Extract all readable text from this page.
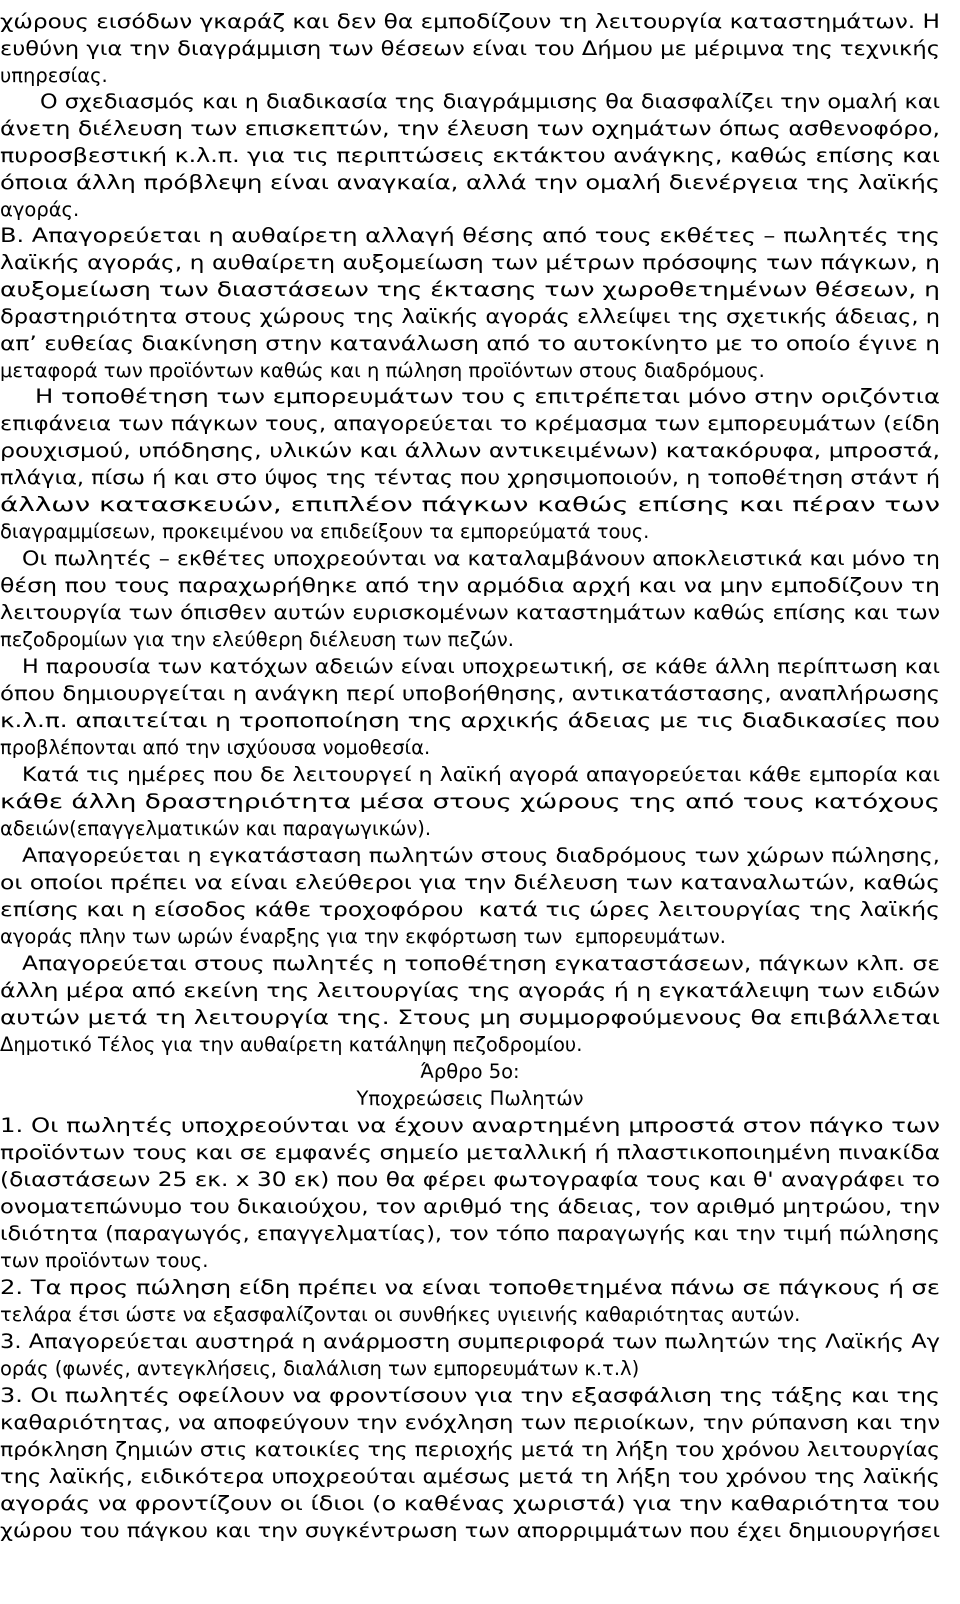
χώρους εισόδων γκαράζ και δεν θα εμποδίζουν τη λειτουργία καταστημάτων. Η
ευθύνη για την διαγράμμιση των θέσεων είναι του Δήμου με μέριμνα της τεχνικής
υπηρεσίας.
Ο σχεδιασμός και η διαδικασία της διαγράμμισης θα διασφαλίζει την ομαλή και
άνετη διέλευση των επισκεπτών, την έλευση των οχημάτων όπως ασθενοφόρο,
πυροσβεστική κ.λ.π. για τις περιπτώσεις εκτάκτου ανάγκης, καθώς επίσης και
όποια άλλη πρόβλεψη είναι αναγκαία, αλλά την ομαλή διενέργεια της λαϊκής
αγοράς.
Β. Απαγορεύεται η αυθαίρετη αλλαγή θέσης από τους εκθέτες – πωλητές της
λαϊκής αγοράς, η αυθαίρετη αυξομείωση των μέτρων πρόσοψης των πάγκων, η
αυξομείωση των διαστάσεων της έκτασης των χωροθετημένων θέσεων, η
δραστηριότητα στους χώρους της λαϊκής αγοράς ελλείψει της σχετικής άδειας, η
απ’ ευθείας διακίνηση στην κατανάλωση από το αυτοκίνητο με το οποίο έγινε η
μεταφορά των προϊόντων καθώς και η πώληση προϊόντων στους διαδρόμους.
Η τοποθέτηση των εμπορευμάτων του ς επιτρέπεται μόνο στην οριζόντια
επιφάνεια των πάγκων τους, απαγορεύεται το κρέμασμα των εμπορευμάτων (είδη
ρουχισμού, υπόδησης, υλικών και άλλων αντικειμένων) κατακόρυφα, μπροστά,
πλάγια, πίσω ή και στο ύψος της τέντας που χρησιμοποιούν, η τοποθέτηση στάντ ή
άλλων κατασκευών, επιπλέον πάγκων καθώς επίσης και πέραν των
διαγραμμίσεων, προκειμένου να επιδείξουν τα εμπορεύματά τους.
Οι πωλητές – εκθέτες υποχρεούνται να καταλαμβάνουν αποκλειστικά και μόνο τη
θέση που τους παραχωρήθηκε από την αρμόδια αρχή και να μην εμποδίζουν τη
λειτουργία των όπισθεν αυτών ευρισκομένων καταστημάτων καθώς επίσης και των
πεζοδρομίων για την ελεύθερη διέλευση των πεζών.
Η παρουσία των κατόχων αδειών είναι υποχρεωτική, σε κάθε άλλη περίπτωση και
όπου δημιουργείται η ανάγκη περί υποβοήθησης, αντικατάστασης, αναπλήρωσης
κ.λ.π. απαιτείται η τροποποίηση της αρχικής άδειας με τις διαδικασίες που
προβλέπονται από την ισχύουσα νομοθεσία.
Κατά τις ημέρες που δε λειτουργεί η λαϊκή αγορά απαγορεύεται κάθε εμπορία και
κάθε άλλη δραστηριότητα μέσα στους χώρους της από τους κατόχους
αδειών(επαγγελματικών και παραγωγικών).
Απαγορεύεται η εγκατάσταση πωλητών στους διαδρόμους των χώρων πώλησης,
οι οποίοι πρέπει να είναι ελεύθεροι για την διέλευση των καταναλωτών, καθώς
επίσης και η είσοδος κάθε τροχοφόρου  κατά τις ώρες λειτουργίας της λαϊκής
αγοράς πλην των ωρών έναρξης για την εκφόρτωση των  εμπορευμάτων.
Απαγορεύεται στους πωλητές η τοποθέτηση εγκαταστάσεων, πάγκων κλπ. σε
άλλη μέρα από εκείνη της λειτουργίας της αγοράς ή η εγκατάλειψη των ειδών
αυτών μετά τη λειτουργία της. Στους μη συμμορφούμενους θα επιβάλλεται
Δημοτικό Τέλος για την αυθαίρετη κατάληψη πεζοδρομίου.
Άρθρο 5ο:
Υποχρεώσεις Πωλητών
1. Οι πωλητές υποχρεούνται να έχουν αναρτημένη μπροστά στον πάγκο των
προϊόντων τους και σε εμφανές σημείο μεταλλική ή πλαστικοποιημένη πινακίδα
(διαστάσεων 25 εκ. x 30 εκ) που θα φέρει φωτογραφία τους και θ' αναγράφει το
ονοματεπώνυμο του δικαιούχου, τον αριθμό της άδειας, τον αριθμό μητρώου, την
ιδιότητα (παραγωγός, επαγγελματίας), τον τόπο παραγωγής και την τιμή πώλησης
των προϊόντων τους.
2. Τα προς πώληση είδη πρέπει να είναι τοποθετημένα πάνω σε πάγκους ή σε
τελάρα έτσι ώστε να εξασφαλίζονται οι συνθήκες υγιεινής καθαριότητας αυτών.
3. Απαγορεύεται αυστηρά η ανάρμοστη συμπεριφορά των πωλητών της Λαϊκής Αγ
οράς (φωνές, αντεγκλήσεις, διαλάλιση των εμπορευμάτων κ.τ.λ)
3. Οι πωλητές οφείλουν να φροντίσουν για την εξασφάλιση της τάξης και της
καθαριότητας, να αποφεύγουν την ενόχληση των περιοίκων, την ρύπανση και την
πρόκληση ζημιών στις κατοικίες της περιοχής μετά τη λήξη του χρόνου λειτουργίας
της λαϊκής, ειδικότερα υποχρεούται αμέσως μετά τη λήξη του χρόνου της λαϊκής
αγοράς να φροντίζουν οι ίδιοι (ο καθένας χωριστά) για την καθαριότητα του
χώρου του πάγκου και την συγκέντρωση των απορριμμάτων που έχει δημιουργήσει
